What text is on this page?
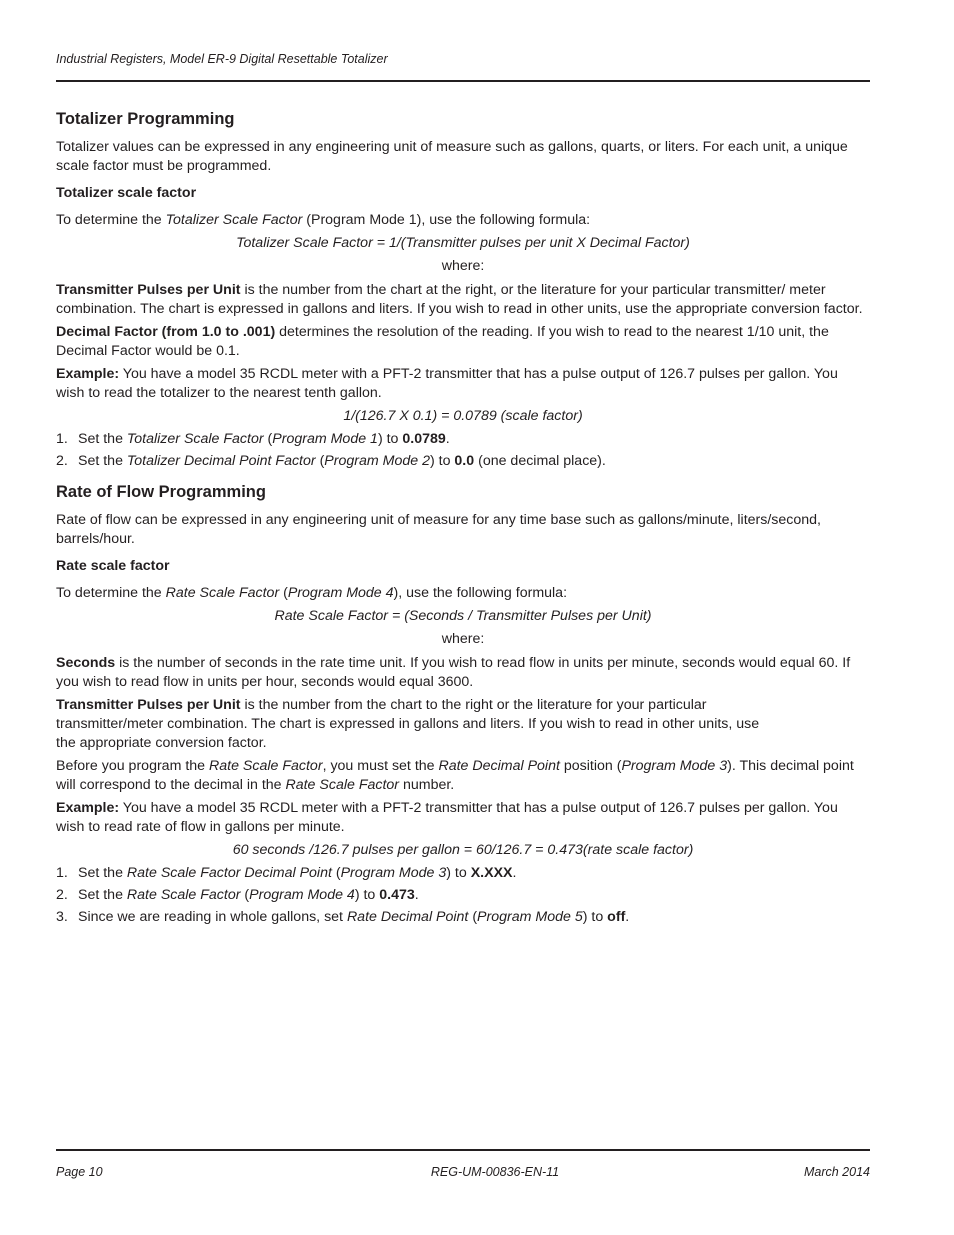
Industrial Registers, Model ER-9 Digital Resettable Totalizer
Totalizer Programming

Totalizer values can be expressed in any engineering unit of measure such as gallons, quarts, or liters. For each unit, a unique scale factor must be programmed.

Totalizer scale factor

To determine the Totalizer Scale Factor (Program Mode 1), use the following formula:

Totalizer Scale Factor = 1/(Transmitter pulses per unit X Decimal Factor)

where:

Transmitter Pulses per Unit is the number from the chart at the right, or the literature for your particular transmitter/ meter combination. The chart is expressed in gallons and liters. If you wish to read in other units, use the appropriate conversion factor.

Decimal Factor (from 1.0 to .001) determines the resolution of the reading. If you wish to read to the nearest 1/10 unit, the Decimal Factor would be 0.1.

Example: You have a model 35 RCDL meter with a PFT-2 transmitter that has a pulse output of 126.7 pulses per gallon. You wish to read the totalizer to the nearest tenth gallon.

1/(126.7 X 0.1) = 0.0789 (scale factor)

1. Set the Totalizer Scale Factor (Program Mode 1) to 0.0789.
2. Set the Totalizer Decimal Point Factor (Program Mode 2) to 0.0 (one decimal place).
Rate of Flow Programming

Rate of flow can be expressed in any engineering unit of measure for any time base such as gallons/minute, liters/second, barrels/hour.

Rate scale factor

To determine the Rate Scale Factor (Program Mode 4), use the following formula:

Rate Scale Factor = (Seconds / Transmitter Pulses per Unit)

where:

Seconds is the number of seconds in the rate time unit. If you wish to read flow in units per minute, seconds would equal 60. If you wish to read flow in units per hour, seconds would equal 3600.

Transmitter Pulses per Unit is the number from the chart to the right or the literature for your particular
transmitter/meter combination. The chart is expressed in gallons and liters. If you wish to read in other units, use
the appropriate conversion factor.

Before you program the Rate Scale Factor, you must set the Rate Decimal Point position (Program Mode 3). This decimal point will correspond to the decimal in the Rate Scale Factor number.

Example: You have a model 35 RCDL meter with a PFT-2 transmitter that has a pulse output of 126.7 pulses per gallon. You wish to read rate of flow in gallons per minute.

60 seconds /126.7 pulses per gallon = 60/126.7 = 0.473(rate scale factor)

1. Set the Rate Scale Factor Decimal Point (Program Mode 3) to X.XXX.
2. Set the Rate Scale Factor (Program Mode 4) to 0.473.
3. Since we are reading in whole gallons, set Rate Decimal Point (Program Mode 5) to off.
Page 10	REG-UM-00836-EN-11	March 2014
